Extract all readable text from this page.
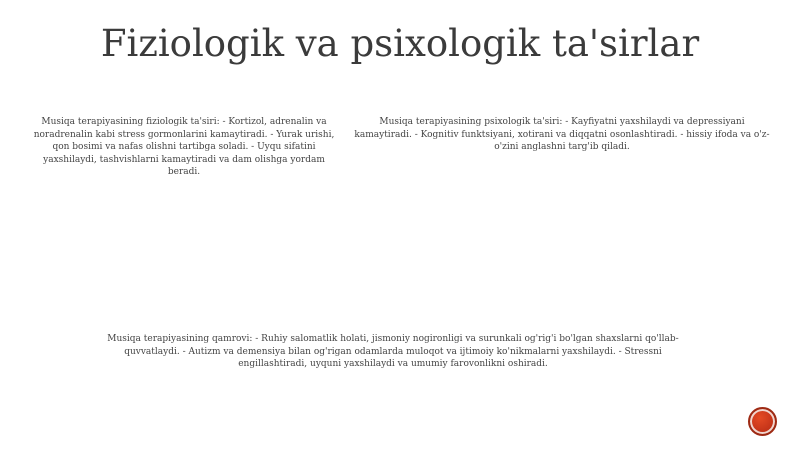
Fiziologik va psixologik ta'sirlar
Musiqa terapiyasining fiziologik ta'siri: - Kortizol, adrenalin va noradrenalin kabi stress gormonlarini kamaytiradi. - Yurak urishi, qon bosimi va nafas olishni tartibga soladi. - Uyqu sifatini yaxshilaydi, tashvishlarni kamaytiradi va dam olishga yordam beradi.
Musiqa terapiyasining psixologik ta'siri: - Kayfiyatni yaxshilaydi va depressiyani kamaytiradi. - Kognitiv funktsiyani, xotirani va diqqatni osonlashtiradi. - hissiy ifoda va o'z-o'zini anglashni targ'ib qiladi.
Musiqa terapiyasining qamrovi: - Ruhiy salomatlik holati, jismoniy nogironligi va surunkali og'rig'i bo'lgan shaxslarni qo'llab-quvvatlaydi. - Autizm va demensiya bilan og'rigan odamlarda muloqot va ijtimoiy ko'nikmalarni yaxshilaydi. - Stressni engillashtiradi, uyquni yaxshilaydi va umumiy farovonlikni oshiradi.
